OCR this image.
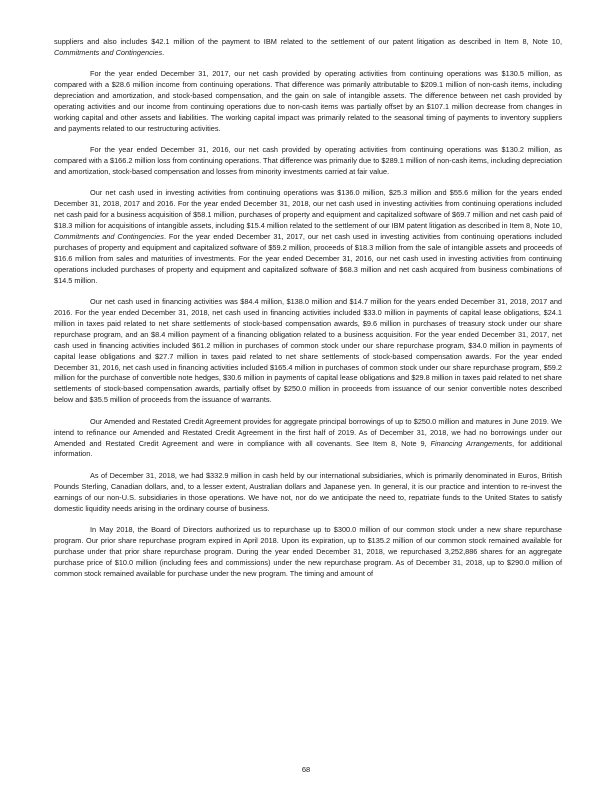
suppliers and also includes $42.1 million of the payment to IBM related to the settlement of our patent litigation as described in Item 8, Note 10, Commitments and Contingencies.

For the year ended December 31, 2017, our net cash provided by operating activities from continuing operations was $130.5 million, as compared with a $28.6 million income from continuing operations. That difference was primarily attributable to $209.1 million of non-cash items, including depreciation and amortization, and stock-based compensation, and the gain on sale of intangible assets. The difference between net cash provided by operating activities and our income from continuing operations due to non-cash items was partially offset by an $107.1 million decrease from changes in working capital and other assets and liabilities. The working capital impact was primarily related to the seasonal timing of payments to inventory suppliers and payments related to our restructuring activities.

For the year ended December 31, 2016, our net cash provided by operating activities from continuing operations was $130.2 million, as compared with a $166.2 million loss from continuing operations. That difference was primarily due to $289.1 million of non-cash items, including depreciation and amortization, stock-based compensation and losses from minority investments carried at fair value.

Our net cash used in investing activities from continuing operations was $136.0 million, $25.3 million and $55.6 million for the years ended December 31, 2018, 2017 and 2016. For the year ended December 31, 2018, our net cash used in investing activities from continuing operations included net cash paid for a business acquisition of $58.1 million, purchases of property and equipment and capitalized software of $69.7 million and net cash paid of $18.3 million for acquisitions of intangible assets, including $15.4 million related to the settlement of our IBM patent litigation as described in Item 8, Note 10, Commitments and Contingencies. For the year ended December 31, 2017, our net cash used in investing activities from continuing operations included purchases of property and equipment and capitalized software of $59.2 million, proceeds of $18.3 million from the sale of intangible assets and proceeds of $16.6 million from sales and maturities of investments. For the year ended December 31, 2016, our net cash used in investing activities from continuing operations included purchases of property and equipment and capitalized software of $68.3 million and net cash acquired from business combinations of $14.5 million.

Our net cash used in financing activities was $84.4 million, $138.0 million and $14.7 million for the years ended December 31, 2018, 2017 and 2016. For the year ended December 31, 2018, net cash used in financing activities included $33.0 million in payments of capital lease obligations, $24.1 million in taxes paid related to net share settlements of stock-based compensation awards, $9.6 million in purchases of treasury stock under our share repurchase program, and an $8.4 million payment of a financing obligation related to a business acquisition. For the year ended December 31, 2017, net cash used in financing activities included $61.2 million in purchases of common stock under our share repurchase program, $34.0 million in payments of capital lease obligations and $27.7 million in taxes paid related to net share settlements of stock-based compensation awards. For the year ended December 31, 2016, net cash used in financing activities included $165.4 million in purchases of common stock under our share repurchase program, $59.2 million for the purchase of convertible note hedges, $30.6 million in payments of capital lease obligations and $29.8 million in taxes paid related to net share settlements of stock-based compensation awards, partially offset by $250.0 million in proceeds from issuance of our senior convertible notes described below and $35.5 million of proceeds from the issuance of warrants.

Our Amended and Restated Credit Agreement provides for aggregate principal borrowings of up to $250.0 million and matures in June 2019. We intend to refinance our Amended and Restated Credit Agreement in the first half of 2019. As of December 31, 2018, we had no borrowings under our Amended and Restated Credit Agreement and were in compliance with all covenants. See Item 8, Note 9, Financing Arrangements, for additional information.

As of December 31, 2018, we had $332.9 million in cash held by our international subsidiaries, which is primarily denominated in Euros, British Pounds Sterling, Canadian dollars, and, to a lesser extent, Australian dollars and Japanese yen. In general, it is our practice and intention to re-invest the earnings of our non-U.S. subsidiaries in those operations. We have not, nor do we anticipate the need to, repatriate funds to the United States to satisfy domestic liquidity needs arising in the ordinary course of business.

In May 2018, the Board of Directors authorized us to repurchase up to $300.0 million of our common stock under a new share repurchase program. Our prior share repurchase program expired in April 2018. Upon its expiration, up to $135.2 million of our common stock remained available for purchase under that prior share repurchase program. During the year ended December 31, 2018, we repurchased 3,252,886 shares for an aggregate purchase price of $10.0 million (including fees and commissions) under the new repurchase program. As of December 31, 2018, up to $290.0 million of common stock remained available for purchase under the new program. The timing and amount of

68
